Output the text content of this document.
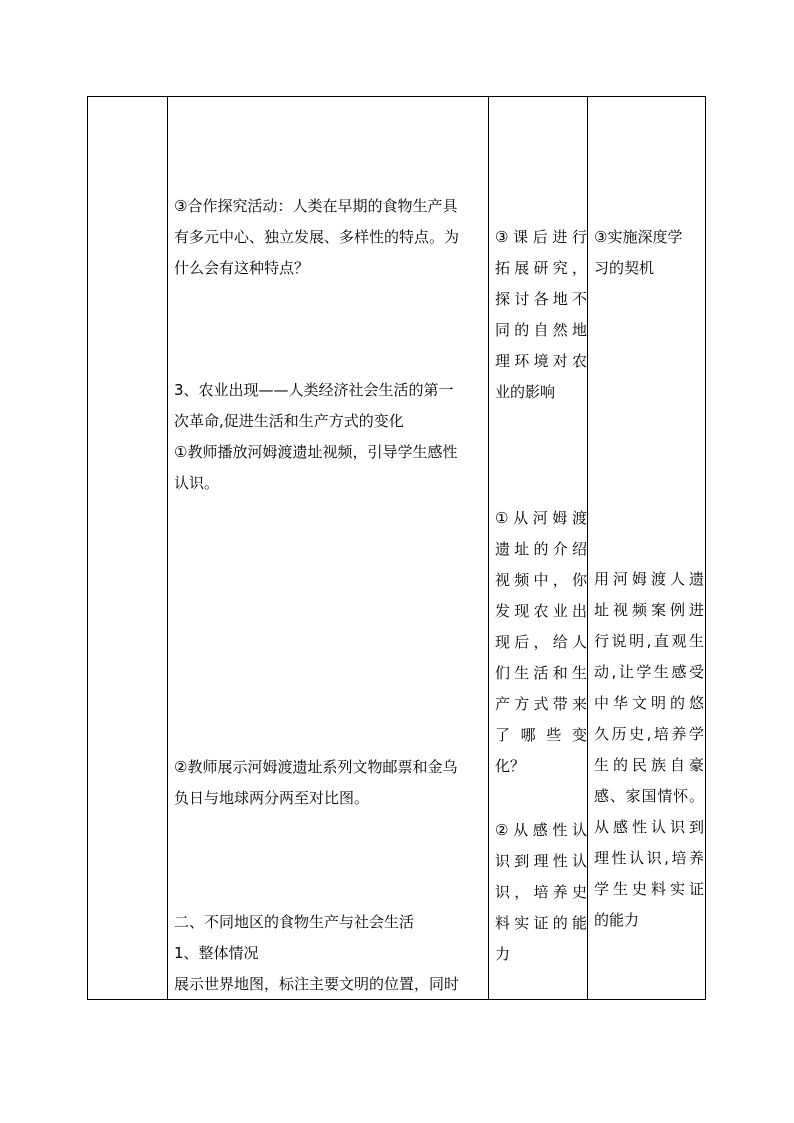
③合作探究活动：人类在早期的食物生产具
有多元中心、独立发展、多样性的特点。为
什么会有这种特点？
3、农业出现——人类经济社会生活的第一
次革命,促进生活和生产方式的变化
①教师播放河姆渡遗址视频，引导学生感性
认识。
②教师展示河姆渡遗址系列文物邮票和金乌
负日与地球两分两至对比图。
二、不同地区的食物生产与社会生活
1、整体情况
展示世界地图，标注主要文明的位置，同时
③课后进行
拓展研究，
探讨各地不
同的自然地
理环境对农
业的影响
①从河姆渡
遗址的介绍
视频中，你
发现农业出
现后，给人
们生活和生
产方式带来
了 哪 些 变
化？
②从感性认
识到理性认
识，培养史
料实证的能
力
③实施深度学
习的契机
用河姆渡人遗
址视频案例进
行说明,直观生
动,让学生感受
中华文明的悠
久历史,培养学
生的民族自豪
感、家国情怀。
从感性认识到
理性认识,培养
学生史料实证
的能力
